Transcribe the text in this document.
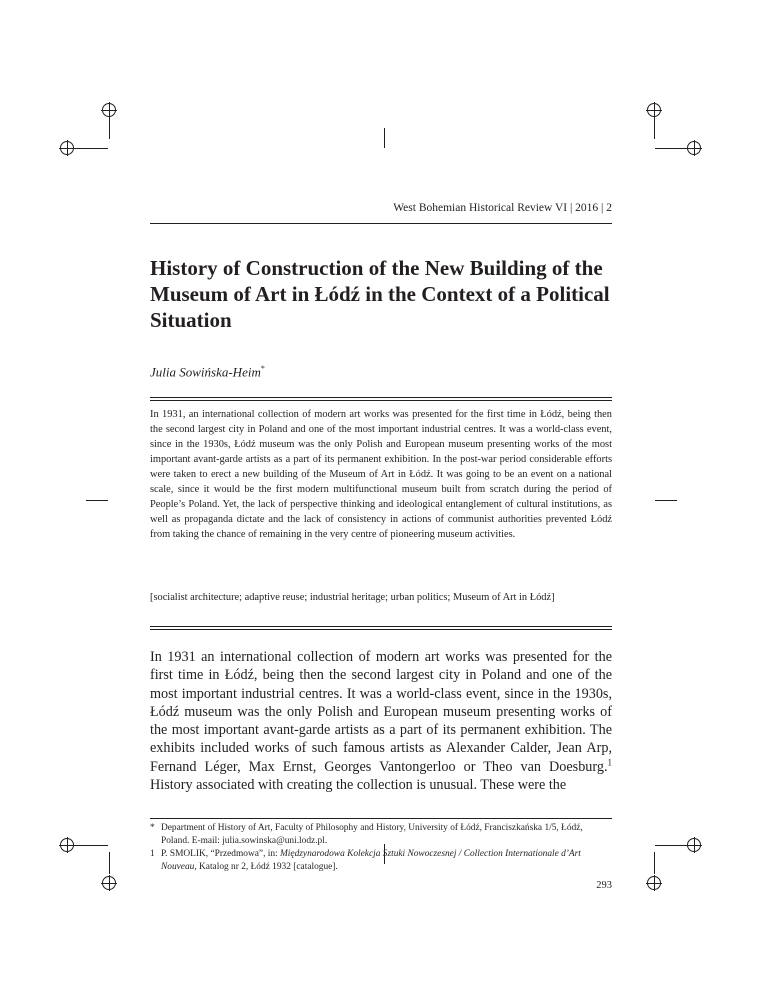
West Bohemian Historical Review VI | 2016 | 2
History of Construction of the New Building of the Museum of Art in Łódź in the Context of a Political Situation
Julia Sowińska-Heim*
In 1931, an international collection of modern art works was presented for the first time in Łódź, being then the second largest city in Poland and one of the most important industrial centres. It was a world-class event, since in the 1930s, Łódź museum was the only Polish and European museum presenting works of the most important avant-garde artists as a part of its permanent exhibition. In the post-war period considerable efforts were taken to erect a new building of the Museum of Art in Łódź. It was going to be an event on a national scale, since it would be the first modern multifunctional museum built from scratch during the period of People’s Poland. Yet, the lack of perspective thinking and ideological entanglement of cultural institutions, as well as propaganda dictate and the lack of consistency in actions of communist authorities prevented Łódź from taking the chance of remaining in the very centre of pioneering museum activities.
[socialist architecture; adaptive reuse; industrial heritage; urban politics; Museum of Art in Łódź]
In 1931 an international collection of modern art works was presented for the first time in Łódź, being then the second largest city in Poland and one of the most important industrial centres. It was a world-class event, since in the 1930s, Łódź museum was the only Polish and European museum presenting works of the most important avant-garde artists as a part of its permanent exhibition. The exhibits included works of such famous artists as Alexander Calder, Jean Arp, Fernand Léger, Max Ernst, Georges Vantongerloo or Theo van Doesburg.$^1$ History associated with creating the collection is unusual. These were the
* Department of History of Art, Faculty of Philosophy and History, University of Łódź, Franciszkańska 1/5, Łódź, Poland. E-mail: julia.sowinska@uni.lodz.pl.
1 P. SMOLIK, “Przedmowa”, in: Międzynarodowa Kolekcja Sztuki Nowoczesnej / Collection Internationale d’Art Nouveau, Katalog nr 2, Łódź 1932 [catalogue].
293
